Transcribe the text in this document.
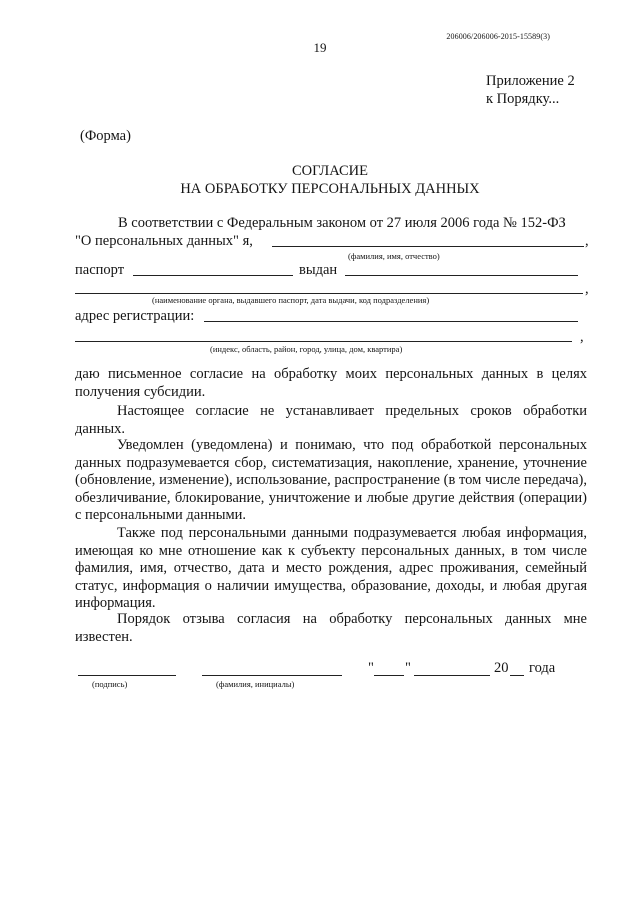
206006/206006-2015-15589(3)
19
Приложение 2
к Порядку...
(Форма)
СОГЛАСИЕ
НА ОБРАБОТКУ ПЕРСОНАЛЬНЫХ ДАННЫХ
В соответствии с Федеральным законом от 27 июля 2006 года № 152-ФЗ
"О персональных данных" я,	,
(фамилия, имя, отчество)
паспорт	выдан
,
(наименование органа, выдавшего паспорт, дата выдачи, код подразделения)
адрес регистрации:
,
(индекс, область, район, город, улица, дом, квартира)
даю письменное согласие на обработку моих персональных данных в целях получения субсидии.
Настоящее согласие не устанавливает предельных сроков обработки данных.
Уведомлен (уведомлена) и понимаю, что под обработкой персональных данных подразумевается сбор, систематизация, накопление, хранение, уточнение (обновление, изменение), использование, распространение (в том числе передача), обезличивание, блокирование, уничтожение и любые другие действия (операции) с персональными данными.
Также под персональными данными подразумевается любая информация, имеющая ко мне отношение как к субъекту персональных данных, в том числе фамилия, имя, отчество, дата и место рождения, адрес проживания, семейный статус, информация о наличии имущества, образование, доходы, и любая другая информация.
Порядок отзыва согласия на обработку персональных данных мне известен.
" "	20 года
(подпись)	(фамилия, инициалы)
